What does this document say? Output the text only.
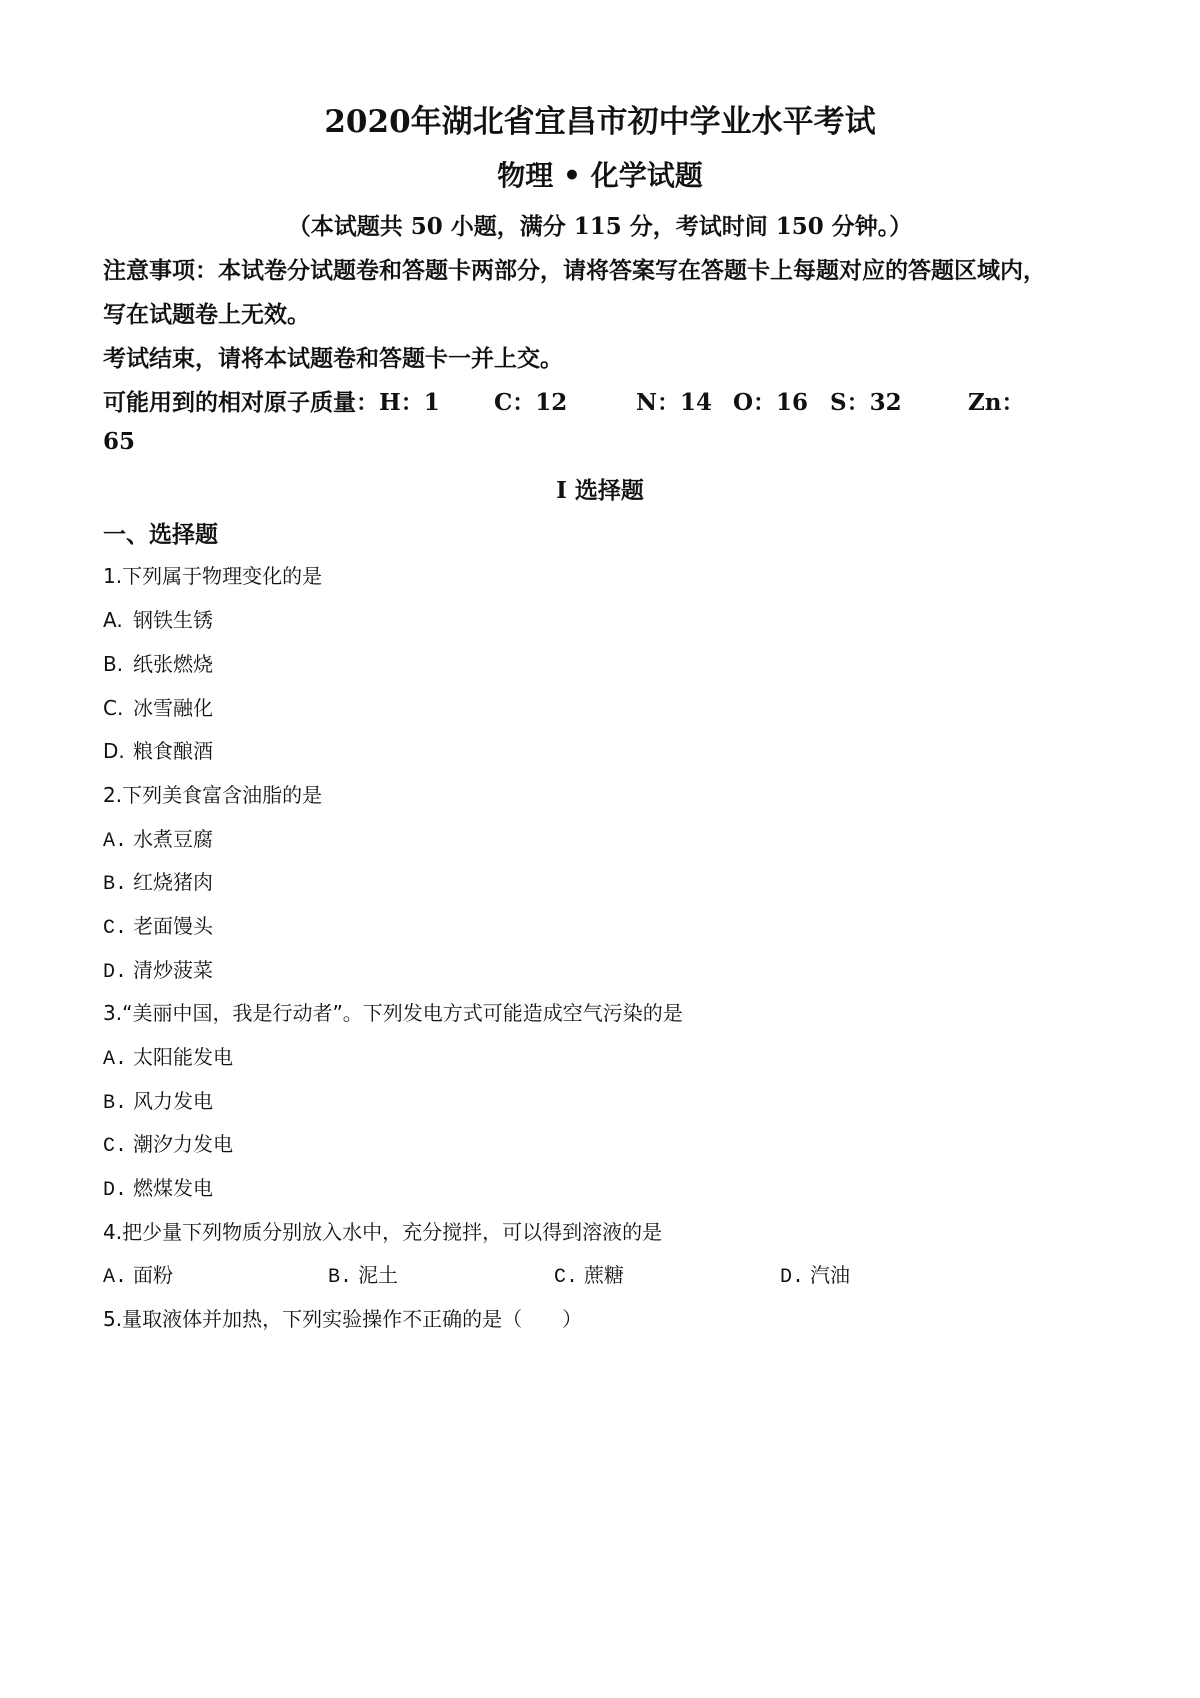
2020年湖北省宜昌市初中学业水平考试
物理 • 化学试题
（本试题共 50 小题，满分 115 分，考试时间 150 分钟。）
注意事项：本试卷分试题卷和答题卡两部分，请将答案写在答题卡上每题对应的答题区域内，
写在试题卷上无效。
考试结束，请将本试题卷和答题卡一并上交。
可能用到的相对原子质量：H：1 C：12	N：14 O：16 S：32	Zn：
65
I 选择题
一、选择题
1.下列属于物理变化的是
A. 钢铁生锈
B. 纸张燃烧
C. 冰雪融化
D. 粮食酿酒
2.下列美食富含油脂的是
A. 水煮豆腐
B. 红烧猪肉
C. 老面馒头
D. 清炒菠菜
3.“美丽中国，我是行动者”。下列发电方式可能造成空气污染的是
A. 太阳能发电
B. 风力发电
C. 潮汐力发电
D. 燃煤发电
4.把少量下列物质分别放入水中，充分搅拌，可以得到溶液的是
A. 面粉	B. 泥土	C. 蔗糖	D. 汽油
5.量取液体并加热，下列实验操作不正确的是（　　）
